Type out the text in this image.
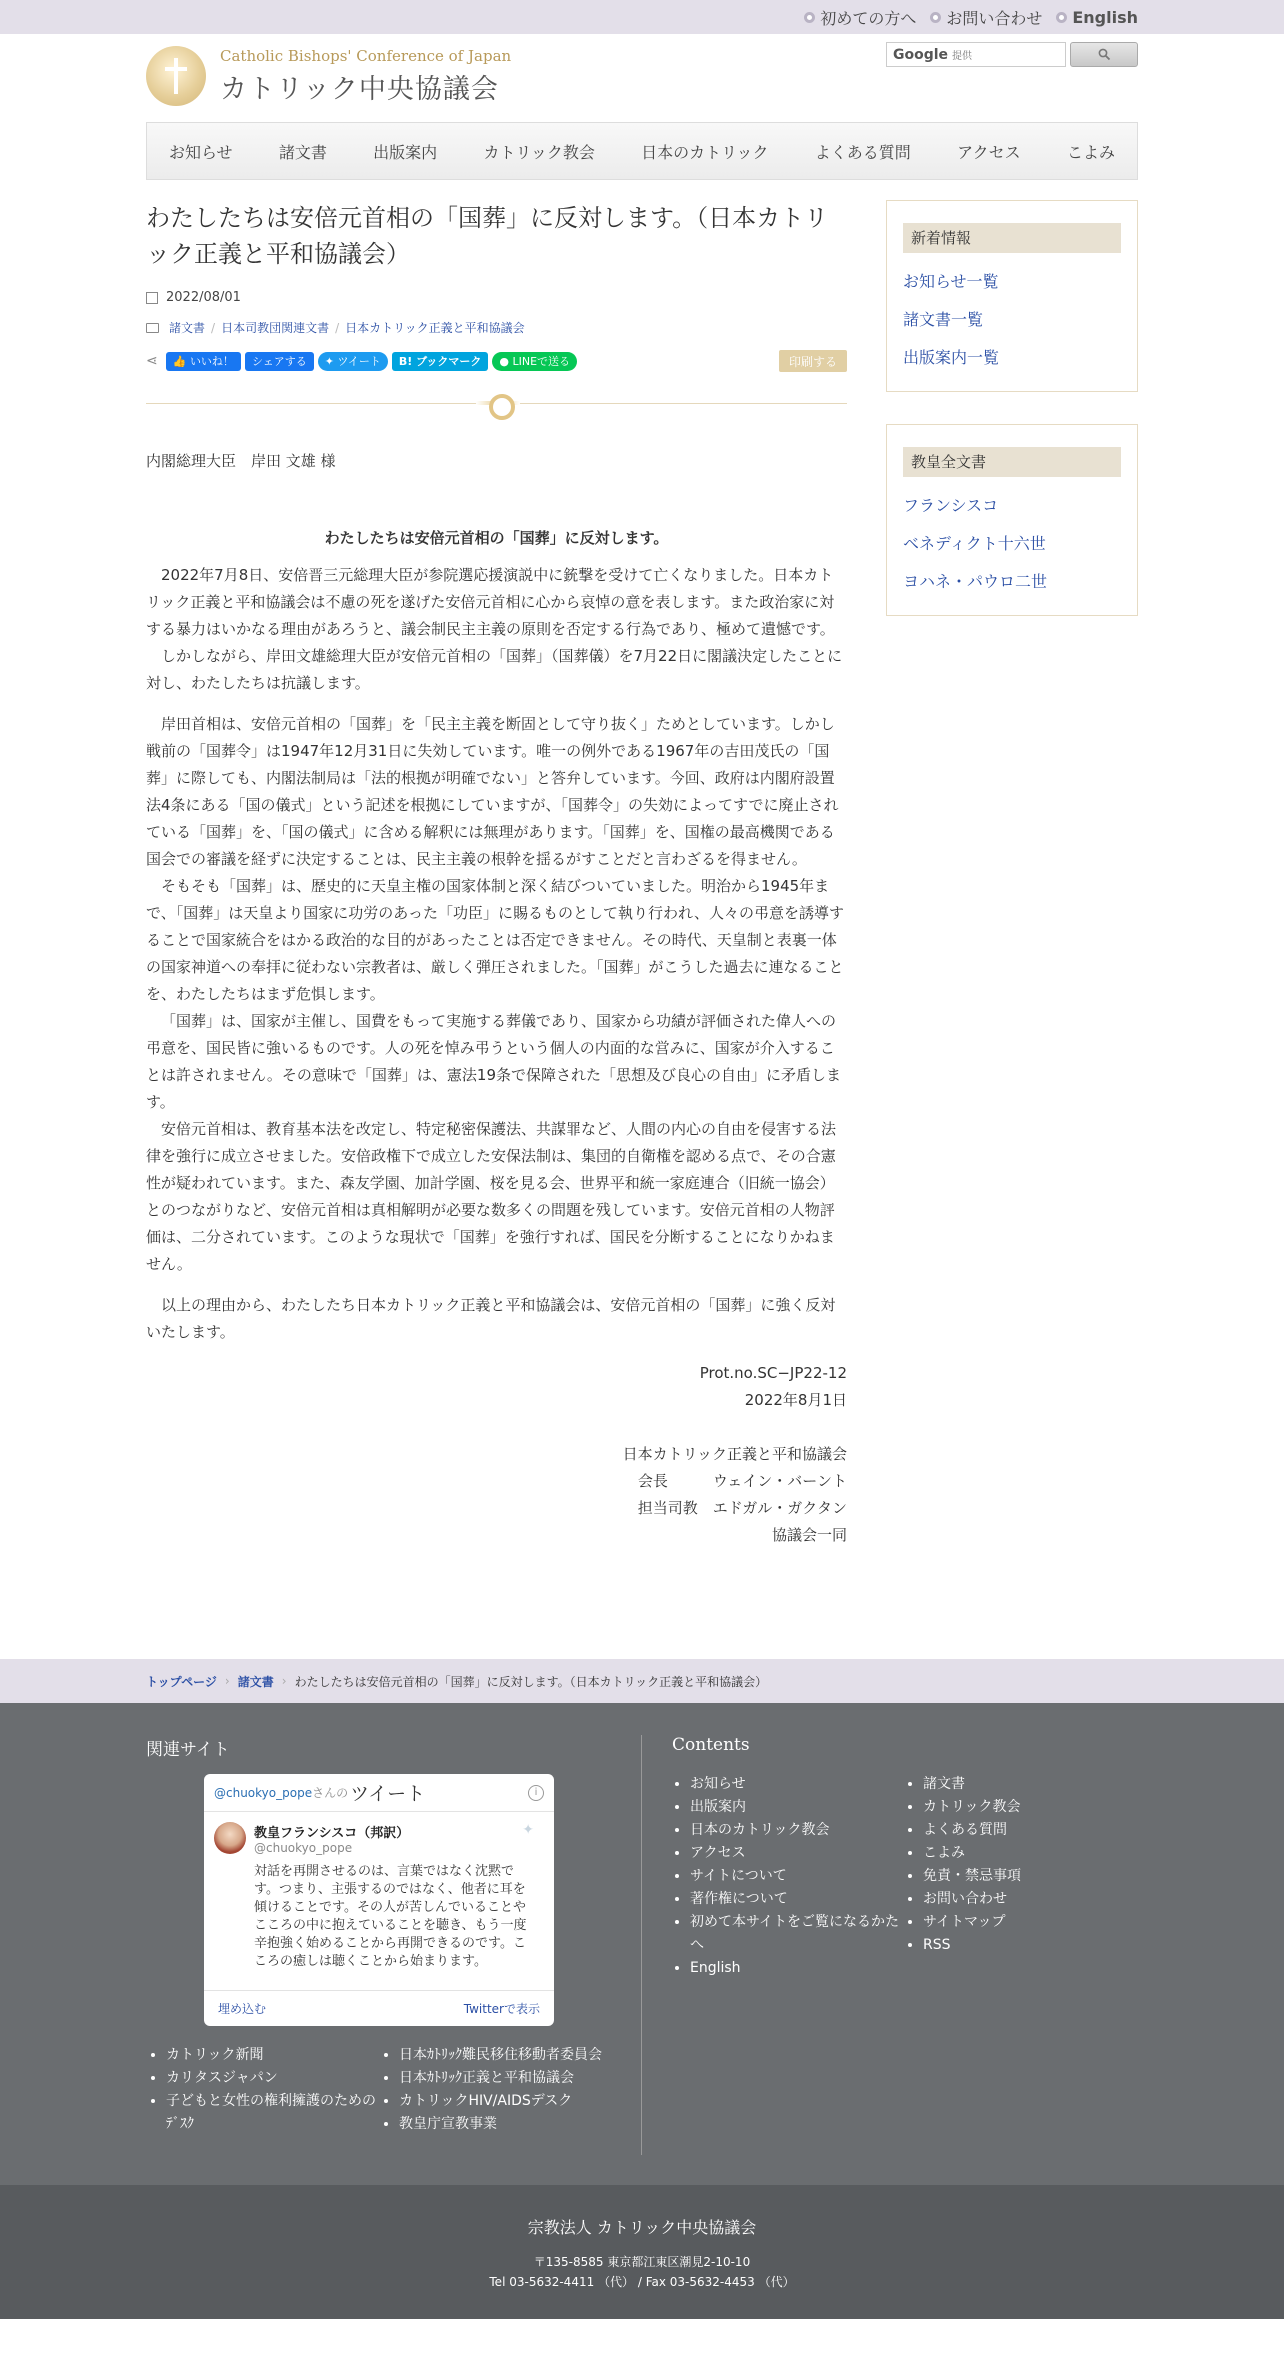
初めての方へ お問い合わせ English
Catholic Bishops' Conference of Japan
カトリック中央協議会
Google 提供
お知らせ	諸文書	出版案内	カトリック教会	日本のカトリック	よくある質問	アクセス	こよみ
わたしたちは安倍元首相の「国葬」に反対します。（日本カトリック正義と平和協議会）
2022/08/01
諸文書 / 日本司教団関連文書 / 日本カトリック正義と平和協議会
⋖ 👍 いいね！	シェアする	✦ ツイート B! ブックマーク ● LINEで送る	印刷する

内閣総理大臣　岸田 文雄 様

わたしたちは安倍元首相の「国葬」に反対します。

2022年7月8日、安倍晋三元総理大臣が参院選応援演説中に銃撃を受けて亡くなりました。日本カトリック正義と平和協議会は不慮の死を遂げた安倍元首相に心から哀悼の意を表します。また政治家に対する暴力はいかなる理由があろうと、議会制民主主義の原則を否定する行為であり、極めて遺憾です。

しかしながら、岸田文雄総理大臣が安倍元首相の「国葬」（国葬儀）を7月22日に閣議決定したことに対し、わたしたちは抗議します。

岸田首相は、安倍元首相の「国葬」を「民主主義を断固として守り抜く」ためとしています。しかし戦前の「国葬令」は1947年12月31日に失効しています。唯一の例外である1967年の吉田茂氏の「国葬」に際しても、内閣法制局は「法的根拠が明確でない」と答弁しています。今回、政府は内閣府設置法4条にある「国の儀式」という記述を根拠にしていますが、「国葬令」の失効によってすでに廃止されている「国葬」を、「国の儀式」に含める解釈には無理があります。「国葬」を、国権の最高機関である国会での審議を経ずに決定することは、民主主義の根幹を揺るがすことだと言わざるを得ません。

そもそも「国葬」は、歴史的に天皇主権の国家体制と深く結びついていました。明治から1945年まで、「国葬」は天皇より国家に功労のあった「功臣」に賜るものとして執り行われ、人々の弔意を誘導することで国家統合をはかる政治的な目的があったことは否定できません。その時代、天皇制と表裏一体の国家神道への奉拝に従わない宗教者は、厳しく弾圧されました。「国葬」がこうした過去に連なることを、わたしたちはまず危惧します。

「国葬」は、国家が主催し、国費をもって実施する葬儀であり、国家から功績が評価された偉人への弔意を、国民皆に強いるものです。人の死を悼み弔うという個人の内面的な営みに、国家が介入することは許されません。その意味で「国葬」は、憲法19条で保障された「思想及び良心の自由」に矛盾します。

安倍元首相は、教育基本法を改定し、特定秘密保護法、共謀罪など、人間の内心の自由を侵害する法律を強行に成立させました。安倍政権下で成立した安保法制は、集団的自衛権を認める点で、その合憲性が疑われています。また、森友学園、加計学園、桜を見る会、世界平和統一家庭連合（旧統一協会）とのつながりなど、安倍元首相は真相解明が必要な数多くの問題を残しています。安倍元首相の人物評価は、二分されています。このような現状で「国葬」を強行すれば、国民を分断することになりかねません。

以上の理由から、わたしたち日本カトリック正義と平和協議会は、安倍元首相の「国葬」に強く反対いたします。

Prot.no.SC−JP22-12

2022年8月1日

日本カトリック正義と平和協議会

会長　　　ウェイン・バーント

担当司教　エドガル・ガクタン

協議会一同

新着情報
お知らせ一覧
諸文書一覧
出版案内一覧
教皇全文書
フランシスコ
ベネディクト十六世
ヨハネ・パウロ二世
トップページ › 諸文書 › わたしたちは安倍元首相の「国葬」に反対します。（日本カトリック正義と平和協議会）
関連サイト
@chuokyo_pope さんの ツイート	i
教皇フランシスコ（邦訳）
@chuokyo_pope
✦
対話を再開させるのは、言葉ではなく沈黙です。つまり、主張するのではなく、他者に耳を傾けることです。その人が苦しんでいることやこころの中に抱えていることを聴き、もう一度辛抱強く始めることから再開できるのです。こころの癒しは聴くことから始まります。
埋め込む	Twitterで表示
• カトリック新聞
• カリタスジャパン
• 子どもと女性の権利擁護のためのﾃﾞｽｸ
• 日本ｶﾄﾘｯｸ難民移住移動者委員会
• 日本ｶﾄﾘｯｸ正義と平和協議会
• カトリックHIV/AIDSデスク
• 教皇庁宣教事業
Contents
• お知らせ
• 出版案内
• 日本のカトリック教会
• アクセス
• サイトについて
• 著作権について
• 初めて本サイトをご覧になるかたへ
• English
• 諸文書
• カトリック教会
• よくある質問
• こよみ
• 免責・禁忌事項
• お問い合わせ
• サイトマップ
• RSS
宗教法人 カトリック中央協議会
〒135-8585 東京都江東区潮見2-10-10
Tel 03-5632-4411 （代） / Fax 03-5632-4453 （代）
